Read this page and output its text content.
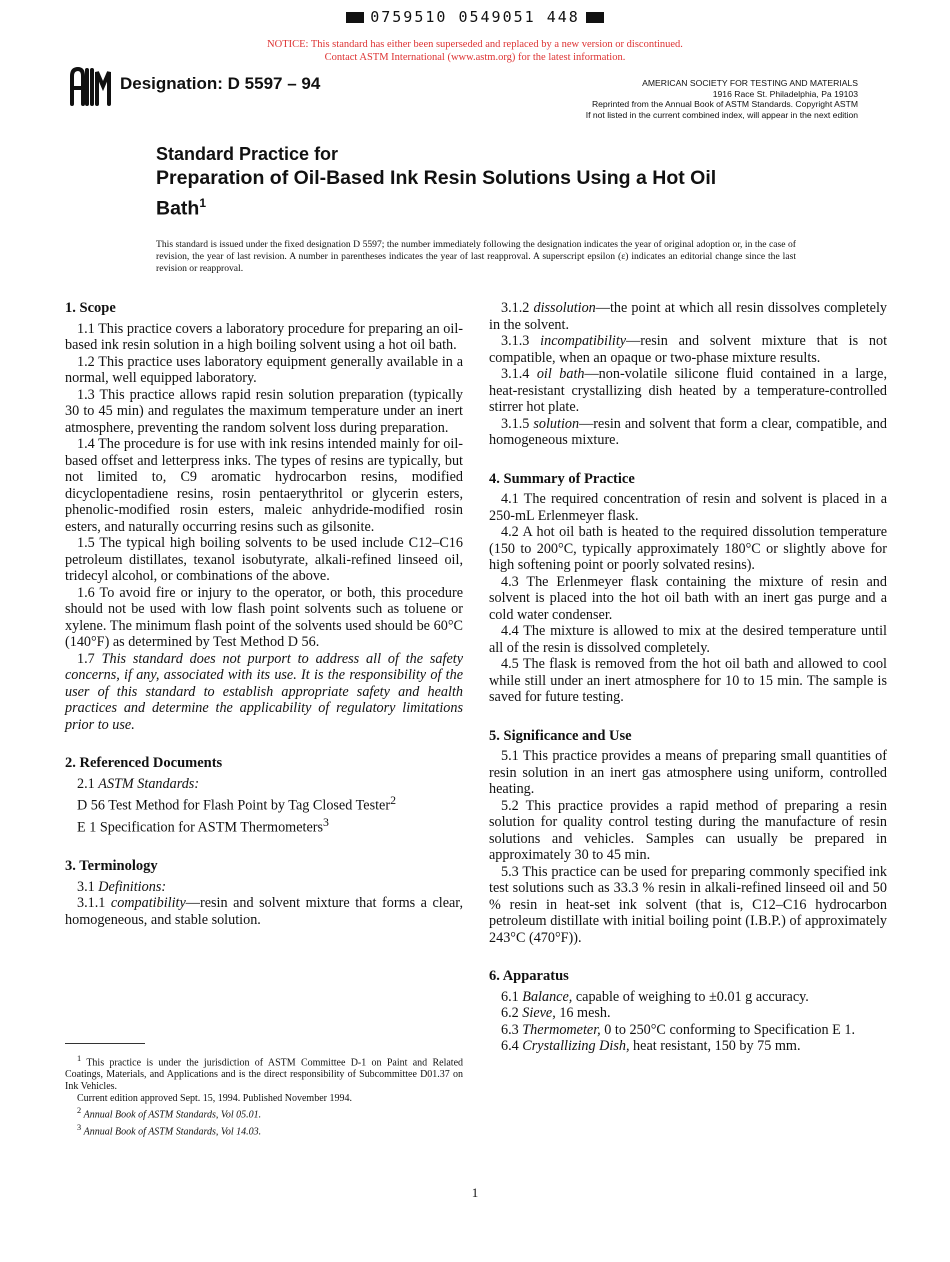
0759510 0549051 448
NOTICE: This standard has either been superseded and replaced by a new version or discontinued.
Contact ASTM International (www.astm.org) for the latest information.
Designation: D 5597 – 94	AMERICAN SOCIETY FOR TESTING AND MATERIALS
1916 Race St. Philadelphia, Pa 19103
Reprinted from the Annual Book of ASTM Standards. Copyright ASTM
If not listed in the current combined index, will appear in the next edition
Standard Practice for
Preparation of Oil-Based Ink Resin Solutions Using a Hot Oil
Bath$^1$
This standard is issued under the fixed designation D 5597; the number immediately following the designation indicates the year of original adoption or, in the case of revision, the year of last revision. A number in parentheses indicates the year of last reapproval. A superscript epsilon (ε) indicates an editorial change since the last revision or reapproval.
1. Scope

1.1 This practice covers a laboratory procedure for preparing an oil-based ink resin solution in a high boiling solvent using a hot oil bath.

1.2 This practice uses laboratory equipment generally available in a normal, well equipped laboratory.

1.3 This practice allows rapid resin solution preparation (typically 30 to 45 min) and regulates the maximum temperature under an inert atmosphere, preventing the random solvent loss during preparation.

1.4 The procedure is for use with ink resins intended mainly for oil-based offset and letterpress inks. The types of resins are typically, but not limited to, C9 aromatic hydrocarbon resins, modified dicyclopentadiene resins, rosin pentaerythritol or glycerin esters, phenolic-modified rosin esters, maleic anhydride-modified rosin esters, and naturally occurring resins such as gilsonite.

1.5 The typical high boiling solvents to be used include C12–C16 petroleum distillates, texanol isobutyrate, alkali-refined linseed oil, tridecyl alcohol, or combinations of the above.

1.6 To avoid fire or injury to the operator, or both, this procedure should not be used with low flash point solvents such as toluene or xylene. The minimum flash point of the solvents used should be 60°C (140°F) as determined by Test Method D 56.

1.7 This standard does not purport to address all of the safety concerns, if any, associated with its use. It is the responsibility of the user of this standard to establish appropriate safety and health practices and determine the applicability of regulatory limitations prior to use.

2. Referenced Documents

2.1 ASTM Standards:

D 56 Test Method for Flash Point by Tag Closed Tester$^2$

E 1 Specification for ASTM Thermometers$^3$

3. Terminology

3.1 Definitions:

3.1.1 compatibility—resin and solvent mixture that forms a clear, homogeneous, and stable solution.

$^1$ This practice is under the jurisdiction of ASTM Committee D-1 on Paint and Related Coatings, Materials, and Applications and is the direct responsibility of Subcommittee D01.37 on Ink Vehicles.

Current edition approved Sept. 15, 1994. Published November 1994.

$^2$ Annual Book of ASTM Standards, Vol 05.01.

$^3$ Annual Book of ASTM Standards, Vol 14.03.

3.1.2 dissolution—the point at which all resin dissolves completely in the solvent.

3.1.3 incompatibility—resin and solvent mixture that is not compatible, when an opaque or two-phase mixture results.

3.1.4 oil bath—non-volatile silicone fluid contained in a large, heat-resistant crystallizing dish heated by a temperature-controlled stirrer hot plate.

3.1.5 solution—resin and solvent that form a clear, compatible, and homogeneous mixture.

4. Summary of Practice

4.1 The required concentration of resin and solvent is placed in a 250-mL Erlenmeyer flask.

4.2 A hot oil bath is heated to the required dissolution temperature (150 to 200°C, typically approximately 180°C or slightly above for high softening point or poorly solvated resins).

4.3 The Erlenmeyer flask containing the mixture of resin and solvent is placed into the hot oil bath with an inert gas purge and a cold water condenser.

4.4 The mixture is allowed to mix at the desired temperature until all of the resin is dissolved completely.

4.5 The flask is removed from the hot oil bath and allowed to cool while still under an inert atmosphere for 10 to 15 min. The sample is saved for future testing.

5. Significance and Use

5.1 This practice provides a means of preparing small quantities of resin solution in an inert gas atmosphere using uniform, controlled heating.

5.2 This practice provides a rapid method of preparing a resin solution for quality control testing during the manufacture of resin solutions and vehicles. Samples can usually be prepared in approximately 30 to 45 min.

5.3 This practice can be used for preparing commonly specified ink test solutions such as 33.3 % resin in alkali-refined linseed oil and 50 % resin in heat-set ink solvent (that is, C12–C16 hydrocarbon petroleum distillate with initial boiling point (I.B.P.) of approximately 243°C (470°F)).

6. Apparatus

6.1 Balance, capable of weighing to ±0.01 g accuracy.

6.2 Sieve, 16 mesh.

6.3 Thermometer, 0 to 250°C conforming to Specification E 1.

6.4 Crystallizing Dish, heat resistant, 150 by 75 mm.

1
